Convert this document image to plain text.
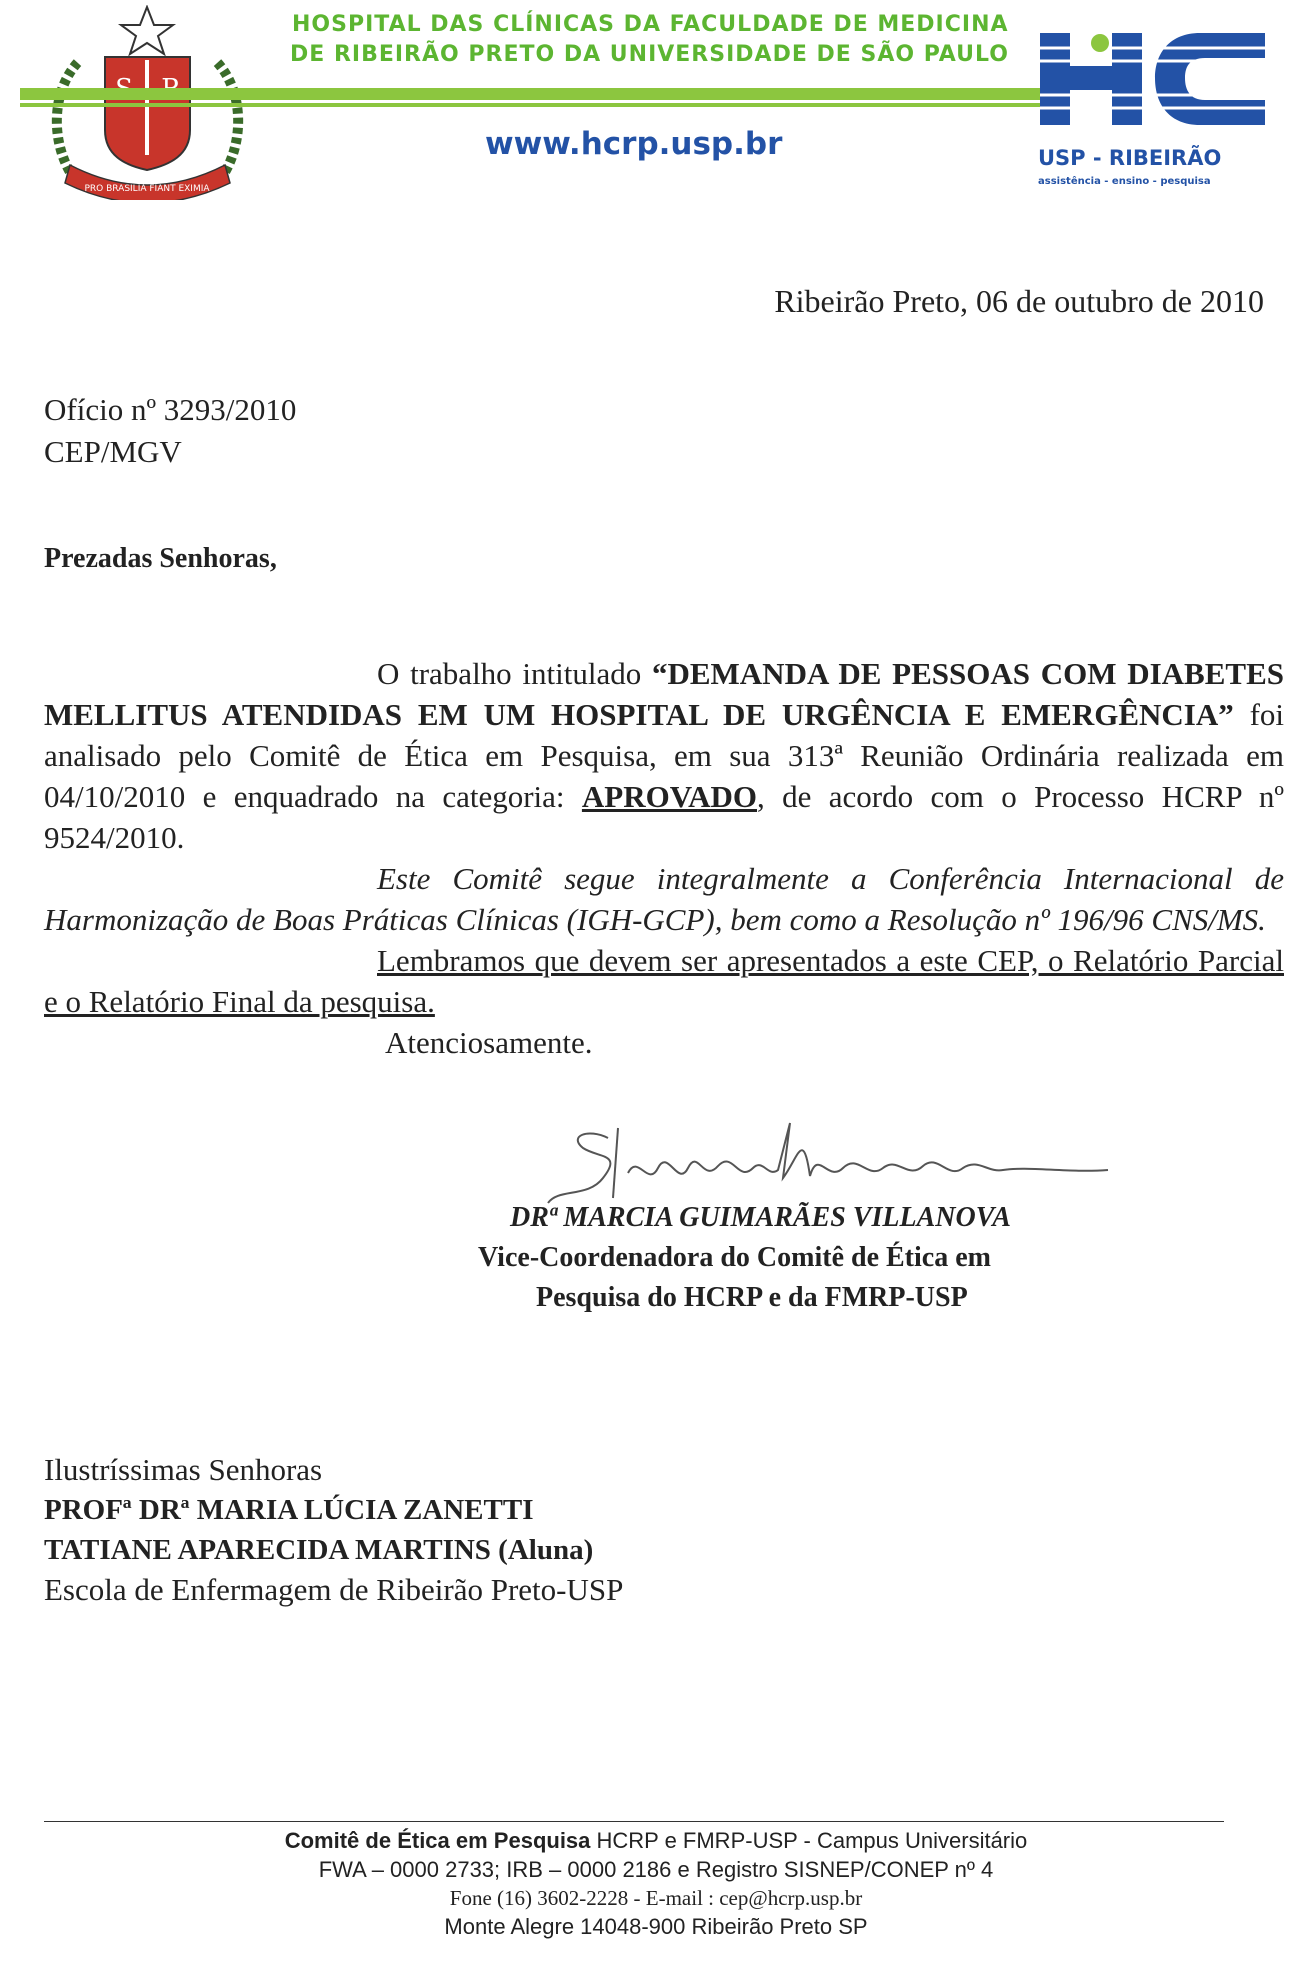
PRO BRASILIA FIANT EXIMIA
HOSPITAL DAS CLÍNICAS DA FACULDADE DE MEDICINA
DE RIBEIRÃO PRETO DA UNIVERSIDADE DE SÃO PAULO
www.hcrp.usp.br	USP - RIBEIRÃO
assistência - ensino - pesquisa
Ribeirão Preto, 06 de outubro de 2010
Ofício nº 3293/2010
CEP/MGV
Prezadas Senhoras,

O trabalho intitulado “DEMANDA DE PESSOAS COM DIABETES MELLITUS ATENDIDAS EM UM HOSPITAL DE URGÊNCIA E EMERGÊNCIA” foi analisado pelo Comitê de Ética em Pesquisa, em sua 313ª Reunião Ordinária realizada em 04/10/2010 e enquadrado na categoria: APROVADO, de acordo com o Processo HCRP nº 9524/2010.

Este Comitê segue integralmente a Conferência Internacional de Harmonização de Boas Práticas Clínicas (IGH-GCP), bem como a Resolução nº 196/96 CNS/MS.

Lembramos que devem ser apresentados a este CEP, o Relatório Parcial e o Relatório Final da pesquisa.

Atenciosamente.

DRª MARCIA GUIMARÃES VILLANOVA
Vice-Coordenadora do Comitê de Ética em
Pesquisa do HCRP e da FMRP-USP
Ilustríssimas Senhoras
PROFª DRª MARIA LÚCIA ZANETTI
TATIANE APARECIDA MARTINS (Aluna)
Escola de Enfermagem de Ribeirão Preto-USP
Comitê de Ética em Pesquisa HCRP e FMRP-USP - Campus Universitário
FWA – 0000 2733; IRB – 0000 2186 e Registro SISNEP/CONEP nº 4
Fone (16) 3602-2228 - E-mail : cep@hcrp.usp.br
Monte Alegre 14048-900 Ribeirão Preto SP
